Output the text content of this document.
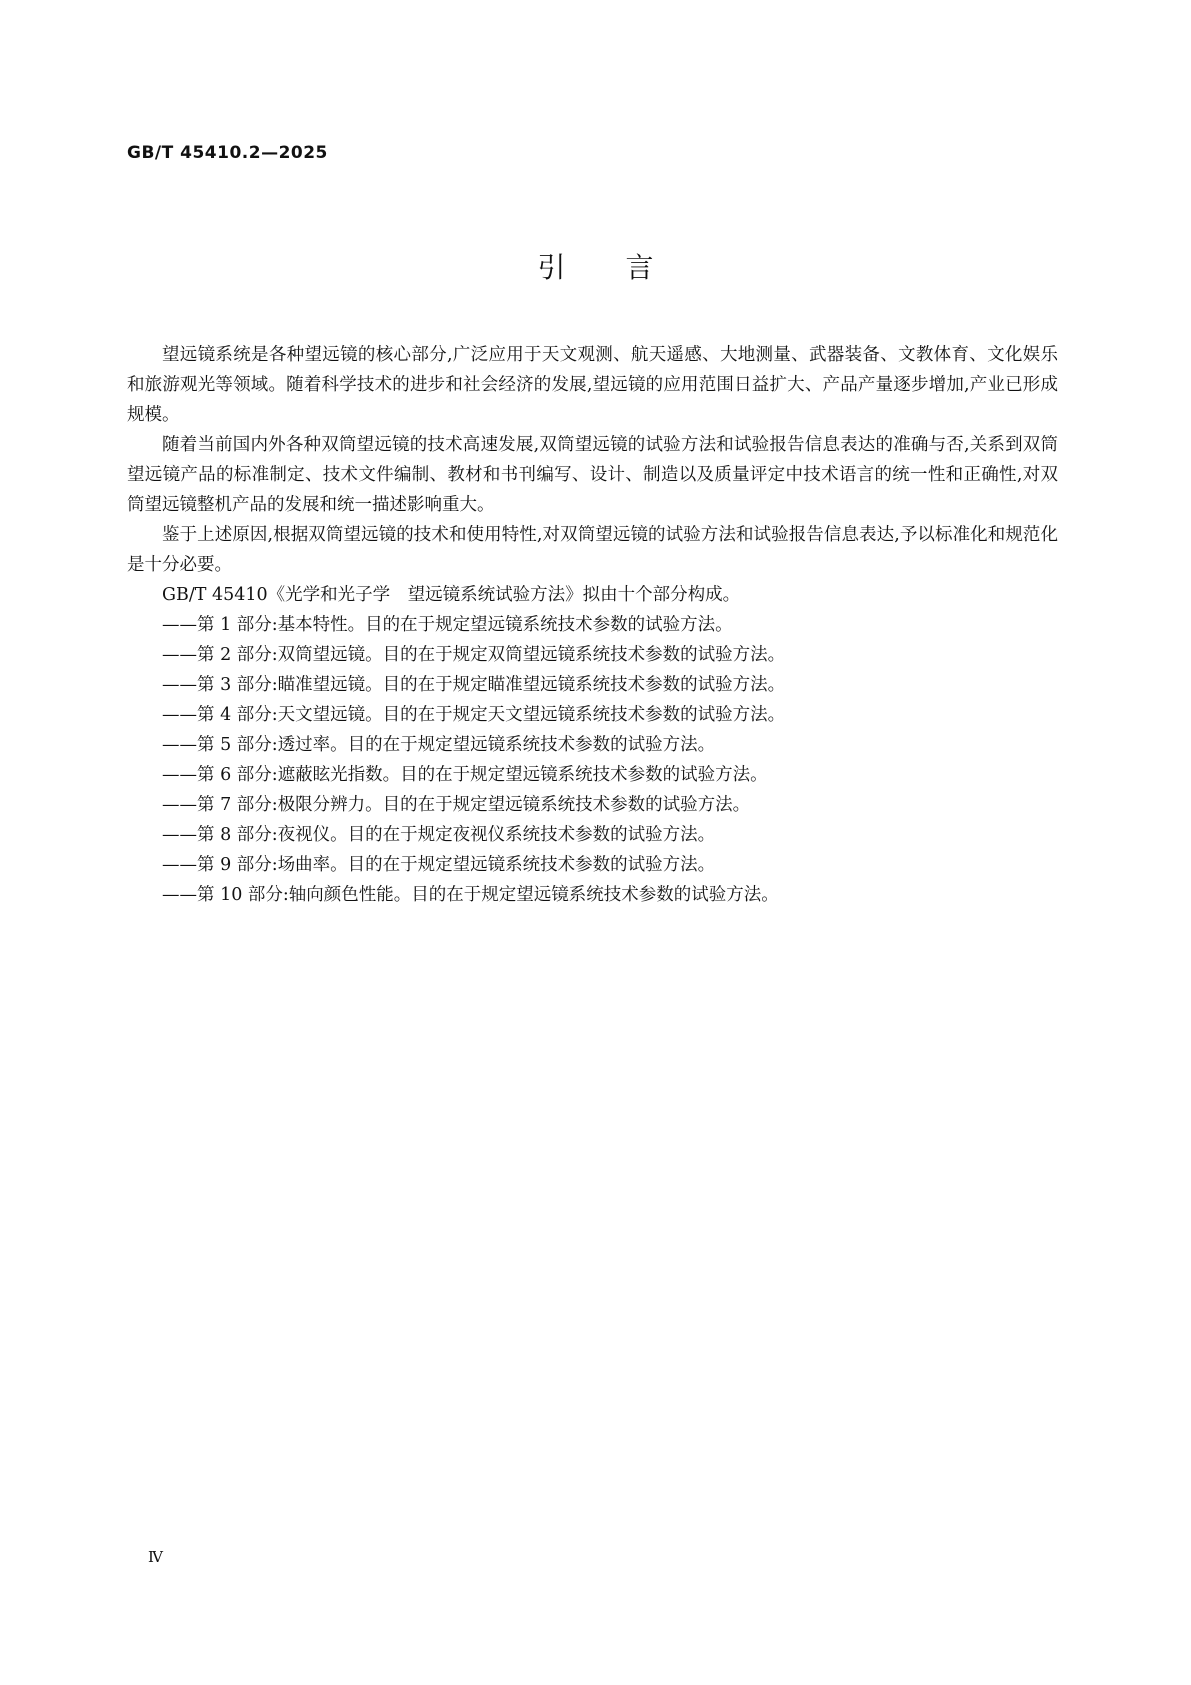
GB/T 45410.2—2025

引言

望远镜系统是各种望远镜的核心部分,广泛应用于天文观测、航天遥感、大地测量、武器装备、文教体育、文化娱乐和旅游观光等领域。随着科学技术的进步和社会经济的发展,望远镜的应用范围日益扩大、产品产量逐步增加,产业已形成规模。

随着当前国内外各种双筒望远镜的技术高速发展,双筒望远镜的试验方法和试验报告信息表达的准确与否,关系到双筒望远镜产品的标准制定、技术文件编制、教材和书刊编写、设计、制造以及质量评定中技术语言的统一性和正确性,对双筒望远镜整机产品的发展和统一描述影响重大。

鉴于上述原因,根据双筒望远镜的技术和使用特性,对双筒望远镜的试验方法和试验报告信息表达,予以标准化和规范化是十分必要。

GB/T 45410《光学和光子学　望远镜系统试验方法》拟由十个部分构成。

——第 1 部分:基本特性。目的在于规定望远镜系统技术参数的试验方法。
——第 2 部分:双筒望远镜。目的在于规定双筒望远镜系统技术参数的试验方法。
——第 3 部分:瞄准望远镜。目的在于规定瞄准望远镜系统技术参数的试验方法。
——第 4 部分:天文望远镜。目的在于规定天文望远镜系统技术参数的试验方法。
——第 5 部分:透过率。目的在于规定望远镜系统技术参数的试验方法。
——第 6 部分:遮蔽眩光指数。目的在于规定望远镜系统技术参数的试验方法。
——第 7 部分:极限分辨力。目的在于规定望远镜系统技术参数的试验方法。
——第 8 部分:夜视仪。目的在于规定夜视仪系统技术参数的试验方法。
——第 9 部分:场曲率。目的在于规定望远镜系统技术参数的试验方法。
——第 10 部分:轴向颜色性能。目的在于规定望远镜系统技术参数的试验方法。

Ⅳ
